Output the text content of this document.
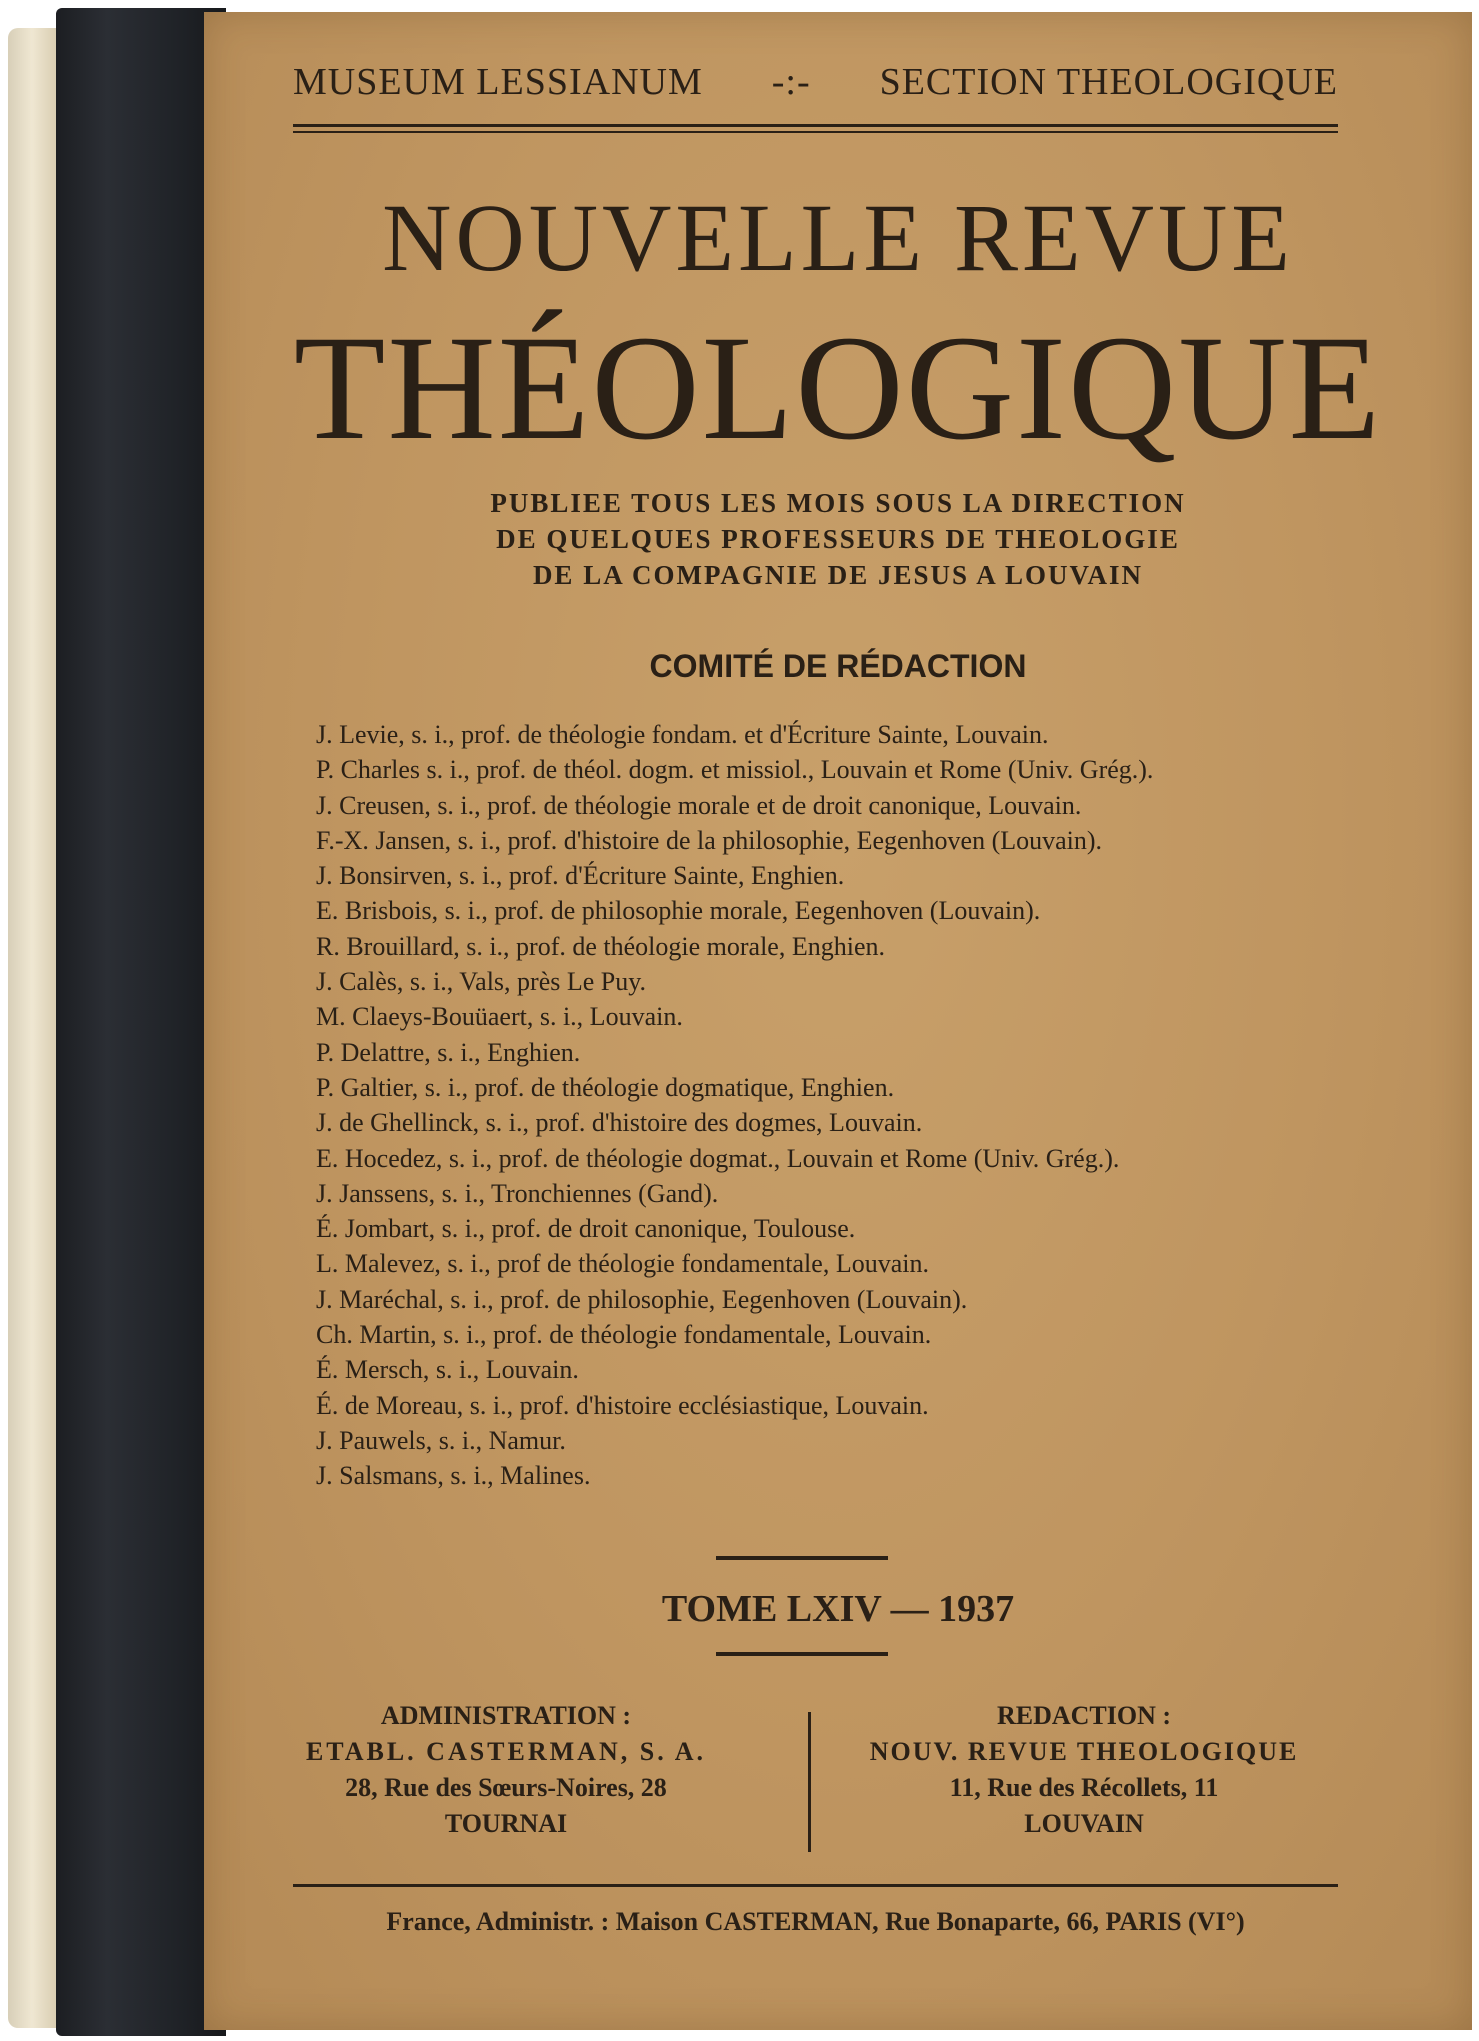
MUSEUM LESSIANUM -:- SECTION THEOLOGIQUE
NOUVELLE REVUE
THÉOLOGIQUE
PUBLIEE TOUS LES MOIS SOUS LA DIRECTION
DE QUELQUES PROFESSEURS DE THEOLOGIE
DE LA COMPAGNIE DE JESUS A LOUVAIN
COMITÉ DE RÉDACTION
J. Levie, s. i., prof. de théologie fondam. et d'Écriture Sainte, Louvain.
P. Charles s. i., prof. de théol. dogm. et missiol., Louvain et Rome (Univ. Grég.).
J. Creusen, s. i., prof. de théologie morale et de droit canonique, Louvain.
F.-X. Jansen, s. i., prof. d'histoire de la philosophie, Eegenhoven (Louvain).
J. Bonsirven, s. i., prof. d'Écriture Sainte, Enghien.
E. Brisbois, s. i., prof. de philosophie morale, Eegenhoven (Louvain).
R. Brouillard, s. i., prof. de théologie morale, Enghien.
J. Calès, s. i., Vals, près Le Puy.
M. Claeys-Bouüaert, s. i., Louvain.
P. Delattre, s. i., Enghien.
P. Galtier, s. i., prof. de théologie dogmatique, Enghien.
J. de Ghellinck, s. i., prof. d'histoire des dogmes, Louvain.
E. Hocedez, s. i., prof. de théologie dogmat., Louvain et Rome (Univ. Grég.).
J. Janssens, s. i., Tronchiennes (Gand).
É. Jombart, s. i., prof. de droit canonique, Toulouse.
L. Malevez, s. i., prof de théologie fondamentale, Louvain.
J. Maréchal, s. i., prof. de philosophie, Eegenhoven (Louvain).
Ch. Martin, s. i., prof. de théologie fondamentale, Louvain.
É. Mersch, s. i., Louvain.
É. de Moreau, s. i., prof. d'histoire ecclésiastique, Louvain.
J. Pauwels, s. i., Namur.
J. Salsmans, s. i., Malines.
TOME LXIV — 1937
ADMINISTRATION :
ETABL. CASTERMAN, S. A.
28, Rue des Sœurs-Noires, 28
TOURNAI
REDACTION :
NOUV. REVUE THEOLOGIQUE
11, Rue des Récollets, 11
LOUVAIN
France, Administr. : Maison CASTERMAN, Rue Bonaparte, 66, PARIS (VI°)
